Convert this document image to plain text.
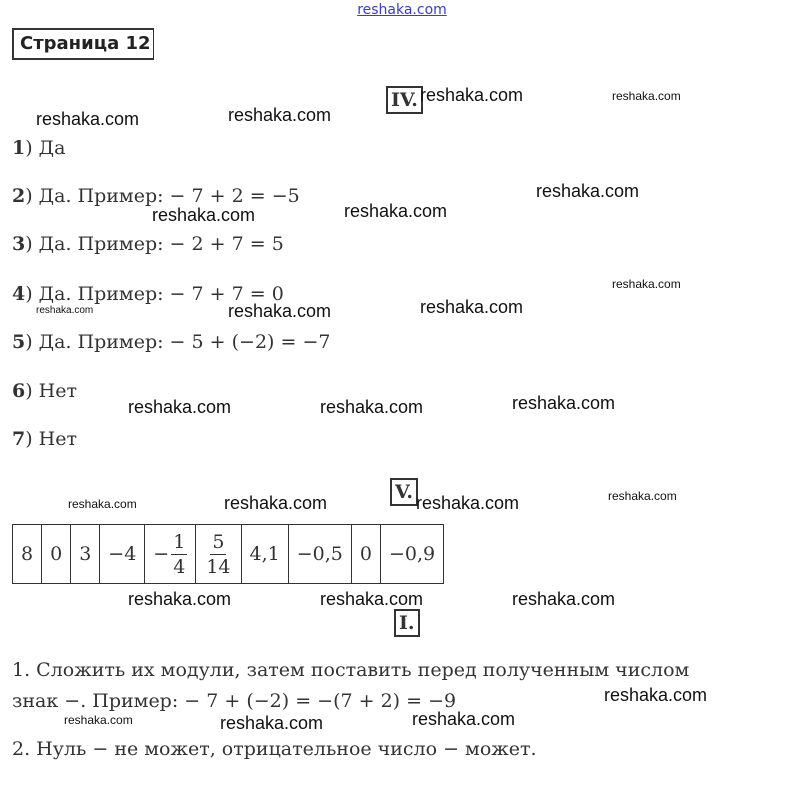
reshaka.com
Страница 12
IV.
1) Да
2) Да. Пример: − 7 + 2 = −5
3) Да. Пример: − 2 + 7 = 5
4) Да. Пример: − 7 + 7 = 0
5) Да. Пример: − 5 + (−2) = −7
6) Нет
7) Нет
V.
8	0	3	−4	− $\frac{1}{4}$	$\frac{5}{14}$	4,1	−0,5	0	−0,9
I.
1. Сложить их модули, затем поставить перед полученным числом
знак −. Пример: − 7 + (−2) = −(7 + 2) = −9
2. Нуль − не может, отрицательное число − может.
reshaka.com	reshaka.com
reshaka.com	reshaka.com
reshaka.com
reshaka.com	reshaka.com
reshaka.com
reshaka.com
reshaka.com	reshaka.com
reshaka.com	reshaka.com	reshaka.com
reshaka.com	reshaka.com	reshaka.com	reshaka.com
reshaka.com	reshaka.com	reshaka.com
reshaka.com
reshaka.com	reshaka.com	reshaka.com
